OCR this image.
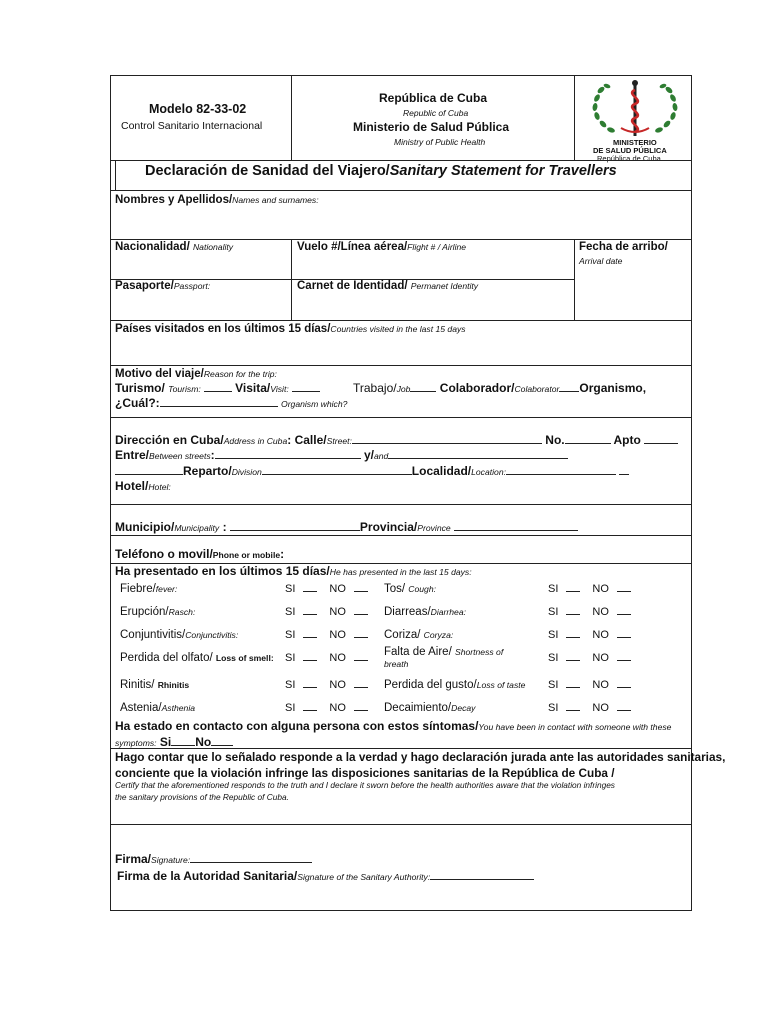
Modelo 82-33-02
Control Sanitario Internacional
República de Cuba
Republic of Cuba
Ministerio de Salud Pública
Ministry of Public Health	MINISTERIO
DE SALUD PÚBLICA
República de Cuba
Declaración de Sanidad del Viajero/Sanitary Statement for Travellers
Nombres y Apellidos/Names and surnames:
Nacionalidad/ Nationality	Vuelo #/Línea aérea/Flight # / Airline	Fecha de arribo/
Arrival date
Pasaporte/Passport:	Carnet de Identidad/ Permanet Identity
Países visitados en los últimos 15 días/Countries visited in the last 15 days
Motivo del viaje/Reason for the trip:
Turismo/ Tourism:	Visita/Visit:	Trabajo/Job Colaborador/Colaborator Organismo,
¿Cuál?:	Organism which?
Dirección en Cuba/Address in Cuba: Calle/Street:	No.	Apto
Entre/Between streets:	y/and
Reparto/Division	Localidad/Location:
Hotel/Hotel:
Municipio/Municipality :	Provincia/Province
Teléfono o movil/Phone or mobile:
Ha presentado en los últimos 15 días/He has presented in the last 15 days:
Fiebre/fever:	SI	NO	Tos/ Cough:	SI	NO
Erupción/Rasch:	SI	NO	Diarreas/Diarrhea:	SI	NO
Conjuntivitis/Conjunctivitis:	SI	NO	Coriza/ Coryza:	SI	NO
Perdida del olfato/ Loss of smell: SI	NO	Falta de Aire/ Shortness of
breath	SI	NO
Rinitis/ Rhinitis	SI	NO	Perdida del gusto/Loss of taste SI	NO
Astenia/Asthenia	SI	NO	Decaimiento/Decay	SI	NO
Ha estado en contacto con alguna persona con estos síntomas/You have been in contact with someone with these
symptoms: Si No
Hago contar que lo señalado responde a la verdad y hago declaración jurada ante las autoridades sanitarias,
conciente que la violación infringe las disposiciones sanitarias de la República de Cuba /
Certify that the aforementioned responds to the truth and I declare it sworn before the health authorities aware that the violation infringes
the sanitary provisions of the Republic of Cuba.
Firma/Signature:
Firma de la Autoridad Sanitaria/Signature of the Sanitary Authority:
